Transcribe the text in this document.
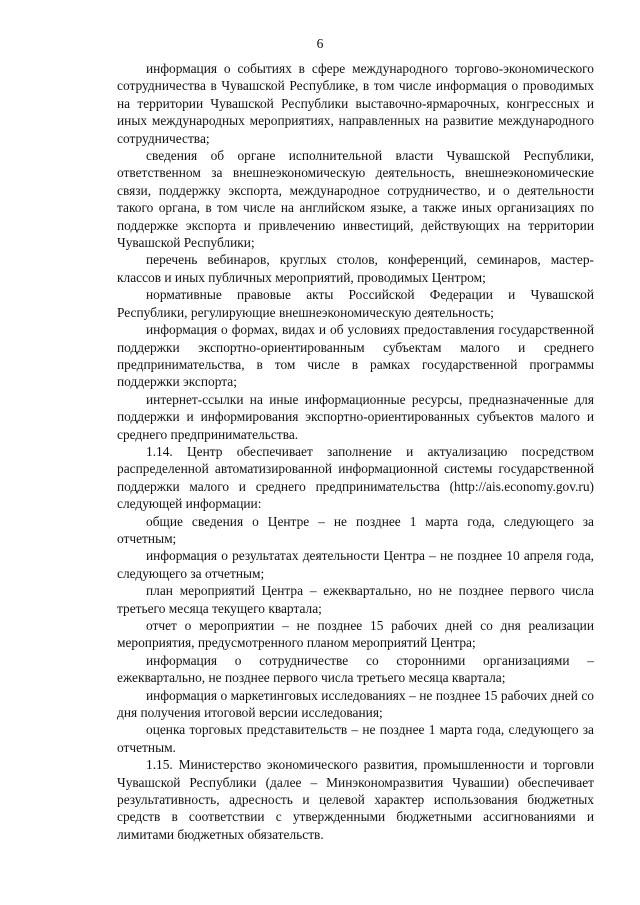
6

информация о событиях в сфере международного торгово-экономического сотрудничества в Чувашской Республике, в том числе информация о проводимых на территории Чувашской Республики выставочно-ярмарочных, конгрессных и иных международных мероприятиях, направленных на развитие международного сотрудничества;

сведения об органе исполнительной власти Чувашской Республики, ответственном за внешнеэкономическую деятельность, внешнеэкономические связи, поддержку экспорта, международное сотрудничество, и о деятельности такого органа, в том числе на английском языке, а также иных организациях по поддержке экспорта и привлечению инвестиций, действующих на территории Чувашской Республики;

перечень вебинаров, круглых столов, конференций, семинаров, мастер-классов и иных публичных мероприятий, проводимых Центром;

нормативные правовые акты Российской Федерации и Чувашской Республики, регулирующие внешнеэкономическую деятельность;

информация о формах, видах и об условиях предоставления государственной поддержки экспортно-ориентированным субъектам малого и среднего предпринимательства, в том числе в рамках государственной программы поддержки экспорта;

интернет-ссылки на иные информационные ресурсы, предназначенные для поддержки и информирования экспортно-ориентированных субъектов малого и среднего предпринимательства.

1.14. Центр обеспечивает заполнение и актуализацию посредством распределенной автоматизированной информационной системы государственной поддержки малого и среднего предпринимательства (http://ais.economy.gov.ru) следующей информации:

общие сведения о Центре – не позднее 1 марта года, следующего за отчетным;

информация о результатах деятельности Центра – не позднее 10 апреля года, следующего за отчетным;

план мероприятий Центра – ежеквартально, но не позднее первого числа третьего месяца текущего квартала;

отчет о мероприятии – не позднее 15 рабочих дней со дня реализации мероприятия, предусмотренного планом мероприятий Центра;

информация о сотрудничестве со сторонними организациями – ежеквартально, не позднее первого числа третьего месяца квартала;

информация о маркетинговых исследованиях – не позднее 15 рабочих дней со дня получения итоговой версии исследования;

оценка торговых представительств – не позднее 1 марта года, следующего за отчетным.

1.15. Министерство экономического развития, промышленности и торговли Чувашской Республики (далее – Минэкономразвития Чувашии) обеспечивает результативность, адресность и целевой характер использования бюджетных средств в соответствии с утвержденными бюджетными ассигнованиями и лимитами бюджетных обязательств.
